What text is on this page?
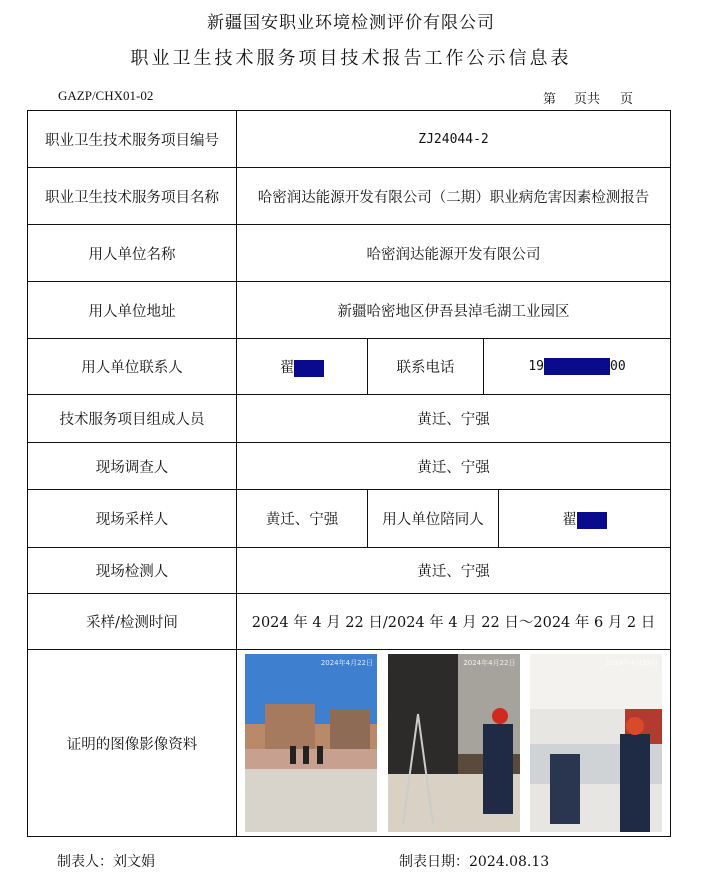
新疆国安职业环境检测评价有限公司
职业卫生技术服务项目技术报告工作公示信息表
GAZP/CHX01-02	第 页共 页
职业卫生技术服务项目编号	ZJ24044-2			
职业卫生技术服务项目名称	哈密润达能源开发有限公司（二期）职业病危害因素检测报告			
用人单位名称	哈密润达能源开发有限公司			
用人单位地址	新疆哈密地区伊吾县淖毛湖工业园区			
用人单位联系人	翟	联系电话	19 00	
技术服务项目组成人员	黄迁、宁强			
现场调查人	黄迁、宁强			
现场采样人	黄迁、宁强	用人单位陪同人		翟
现场检测人	黄迁、宁强			
采样/检测时间	2024 年 4 月 22 日/2024 年 4 月 22 日～2024 年 6 月 2 日			
证明的图像影像资料	2024年4月22日 2024年4月22日 2024年4月22日			
制表人：刘文娟	制表日期：2024.08.13
